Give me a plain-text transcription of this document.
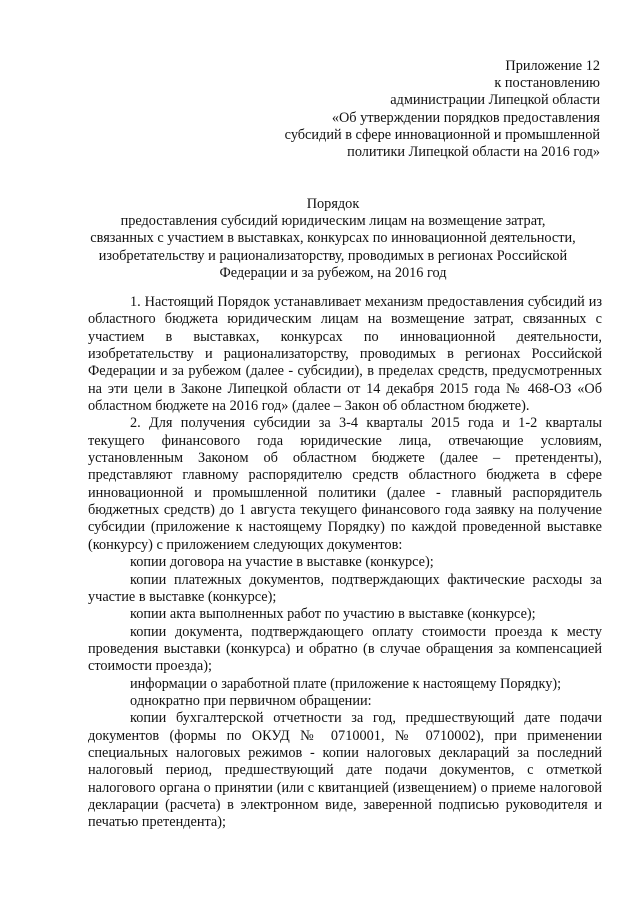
Приложение 12
к постановлению
администрации Липецкой области
«Об утверждении порядков предоставления
субсидий в сфере инновационной и промышленной
политики Липецкой области на 2016 год»
Порядок
предоставления субсидий юридическим лицам на возмещение затрат, связанных с участием в выставках, конкурсах по инновационной деятельности, изобретательству и рационализаторству, проводимых в регионах Российской Федерации и за рубежом, на 2016 год

1. Настоящий Порядок устанавливает механизм предоставления субсидий из областного бюджета юридическим лицам на возмещение затрат, связанных с участием в выставках, конкурсах по инновационной деятельности, изобретательству и рационализаторству, проводимых в регионах Российской Федерации и за рубежом (далее - субсидии), в пределах средств, предусмотренных на эти цели в Законе Липецкой области от 14 декабря 2015 года № 468-ОЗ «Об областном бюджете на 2016 год» (далее – Закон об областном бюджете).

2. Для получения субсидии за 3-4 кварталы 2015 года и 1-2 кварталы текущего финансового года юридические лица, отвечающие условиям, установленным Законом об областном бюджете (далее – претенденты), представляют главному распорядителю средств областного бюджета в сфере инновационной и промышленной политики (далее - главный распорядитель бюджетных средств) до 1 августа текущего финансового года заявку на получение субсидии (приложение к настоящему Порядку) по каждой проведенной выставке (конкурсу) с приложением следующих документов:

копии договора на участие в выставке (конкурсе);

копии платежных документов, подтверждающих фактические расходы за участие в выставке (конкурсе);

копии акта выполненных работ по участию в выставке (конкурсе);

копии документа, подтверждающего оплату стоимости проезда к месту проведения выставки (конкурса) и обратно (в случае обращения за компенсацией стоимости проезда);

информации о заработной плате (приложение к настоящему Порядку);

однократно при первичном обращении:

копии бухгалтерской отчетности за год, предшествующий дате подачи документов (формы по ОКУД № 0710001, № 0710002), при применении специальных налоговых режимов - копии налоговых деклараций за последний налоговый период, предшествующий дате подачи документов, с отметкой налогового органа о принятии (или с квитанцией (извещением) о приеме налоговой декларации (расчета) в электронном виде, заверенной подписью руководителя и печатью претендента);
